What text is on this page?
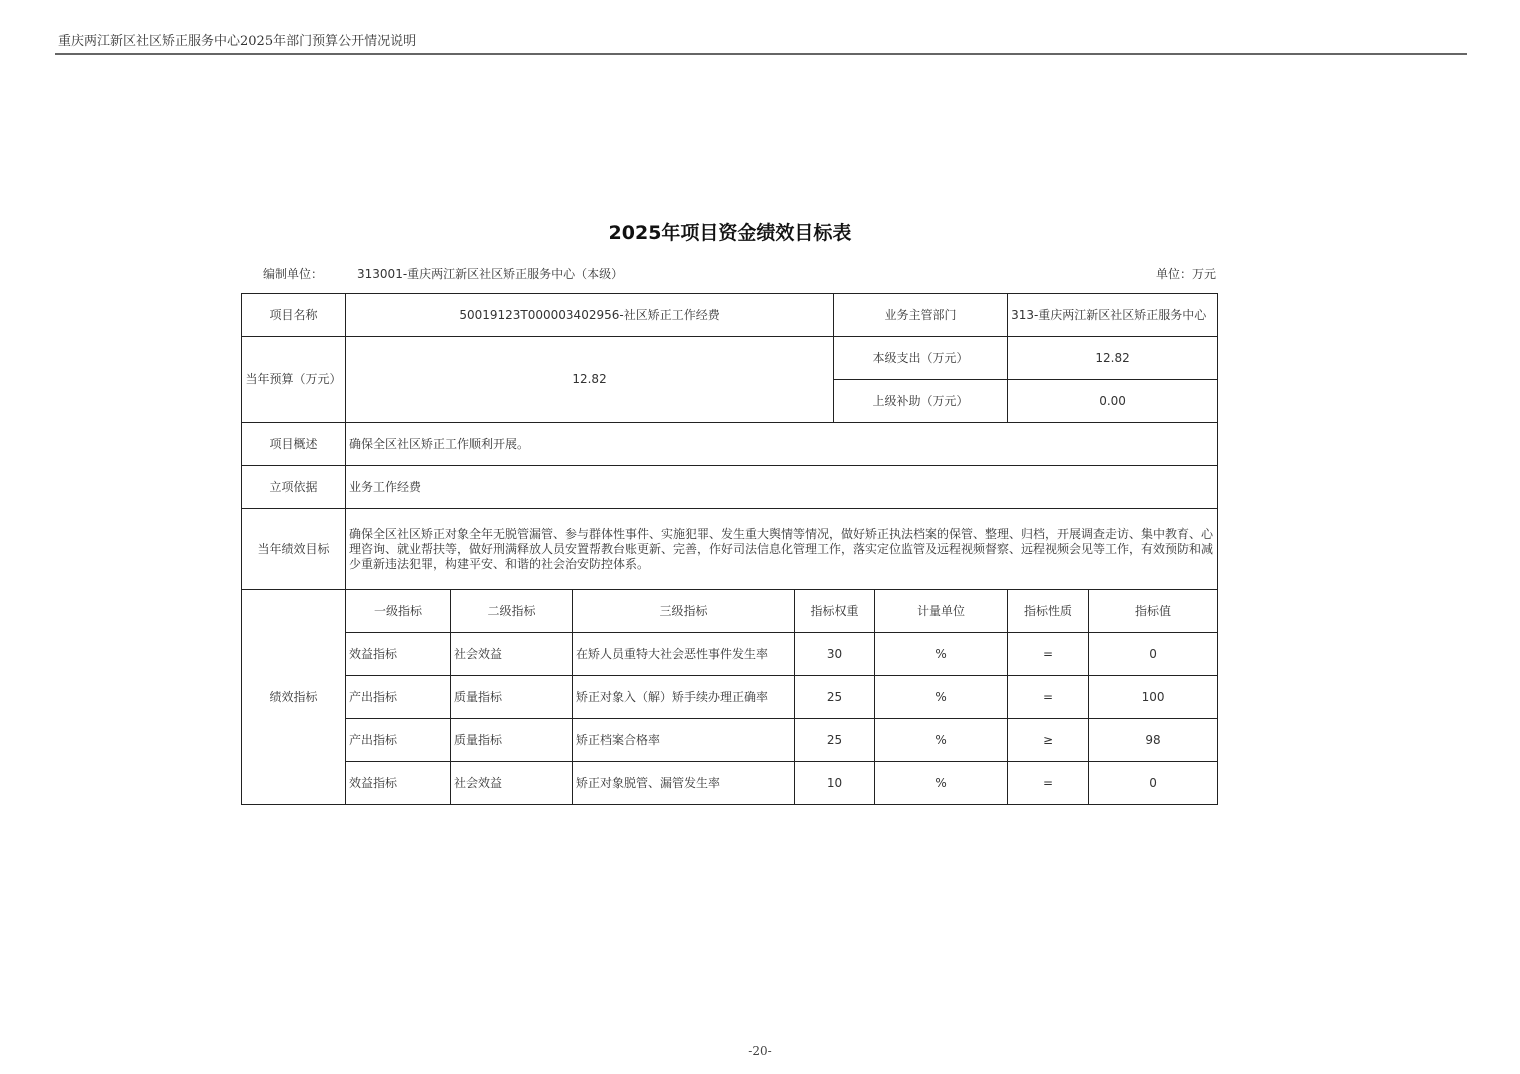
重庆两江新区社区矫正服务中心2025年部门预算公开情况说明
2025年项目资金绩效目标表
编制单位：	313001-重庆两江新区社区矫正服务中心（本级）	单位：万元
项目名称	50019123T000003402956-社区矫正工作经费				业务主管部门		313-重庆两江新区社区矫正服务中心	
当年预算（万元）	12.82				本级支出（万元）		12.82	
					上级补助（万元）		0.00	
项目概述	确保全区社区矫正工作顺利开展。							
立项依据	业务工作经费							
当年绩效目标	确保全区社区矫正对象全年无脱管漏管、参与群体性事件、实施犯罪、发生重大舆情等情况，做好矫正执法档案的保管、整理、归档，开展调查走访、集中教育、心理咨询、就业帮扶等，做好刑满释放人员安置帮教台账更新、完善，作好司法信息化管理工作，落实定位监管及远程视频督察、远程视频会见等工作，有效预防和减少重新违法犯罪，构建平安、和谐的社会治安防控体系。							
绩效指标	一级指标	二级指标	三级指标	指标权重		计量单位	指标性质	指标值
	效益指标	社会效益	在矫人员重特大社会恶性事件发生率	30		%	=	0
	产出指标	质量指标	矫正对象入（解）矫手续办理正确率	25		%	=	100
	产出指标	质量指标	矫正档案合格率	25		%	≥	98
	效益指标	社会效益	矫正对象脱管、漏管发生率	10		%	=	0
-20-
